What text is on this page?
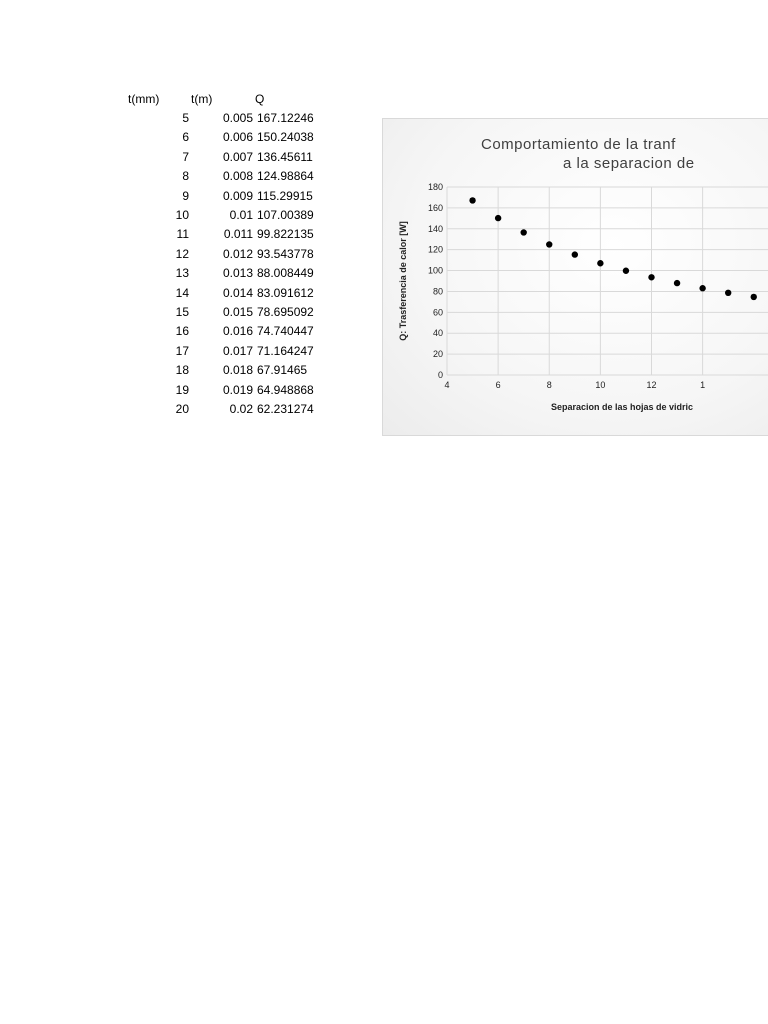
t(mm)	t(m)	Q
5	0.005 167.12246
6	0.006 150.24038
7	0.007 136.45611
8	0.008 124.98864
9	0.009 115.29915
10	0.01 107.00389
11	0.011 99.822135
12	0.012 93.543778
13	0.013 88.008449
14	0.014 83.091612
15	0.015 78.695092
16	0.016 74.740447
17	0.017 71.164247
18	0.018 67.91465
19	0.019 64.948868
20	0.02 62.231274
Comportamiento de la tranf
a la separacion de
0
20
40
60
80
100
120
140
160
180
4	6	8	10	12	1
Separacion de las hojas de vidric
Q: Trasferencia de calor [W]
